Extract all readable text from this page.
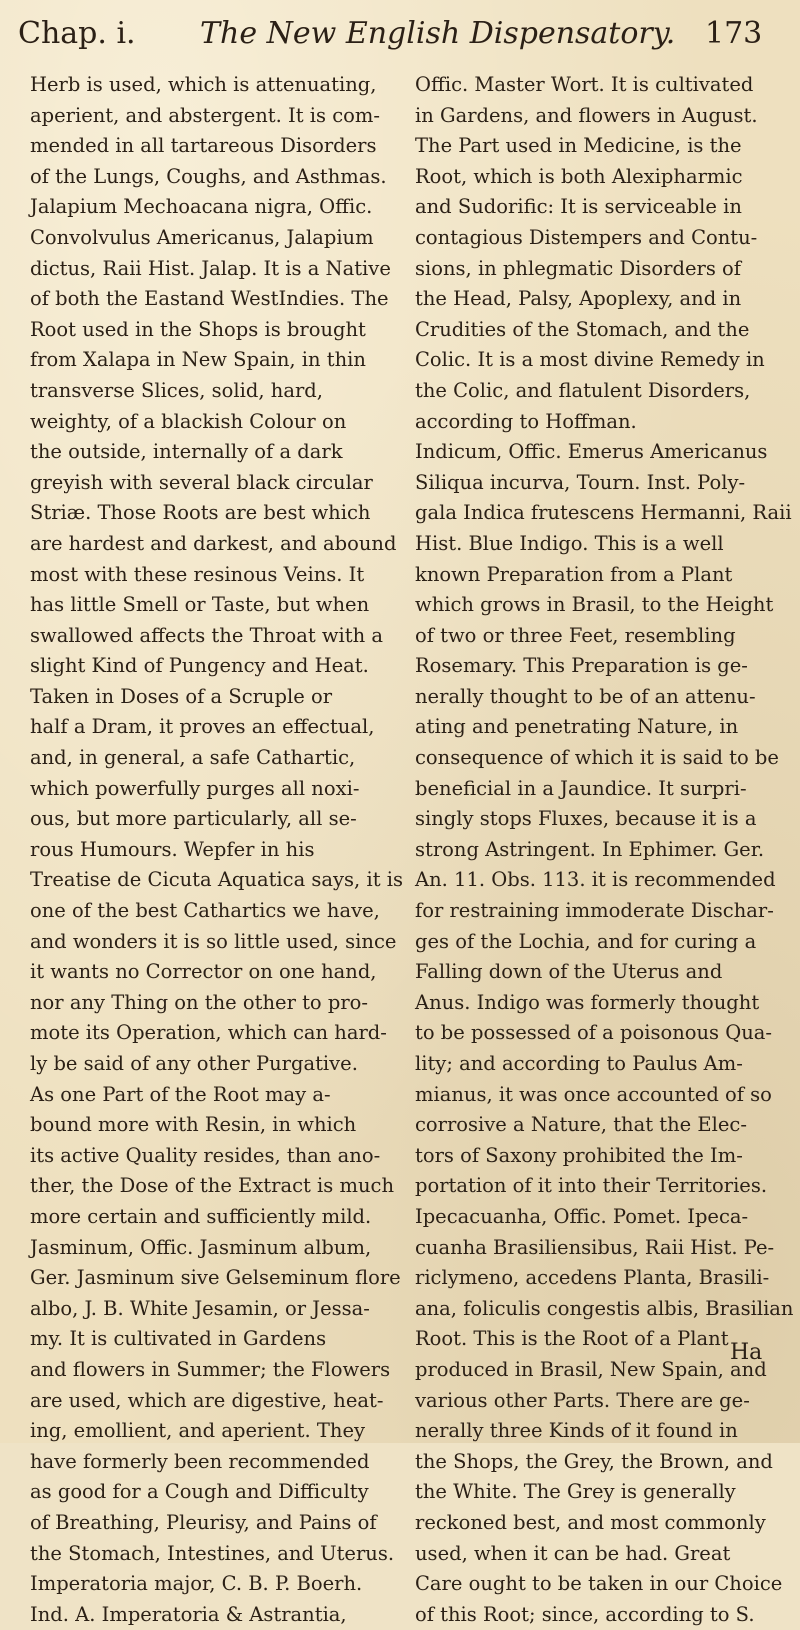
Chap. i. The New English Dispensatory. 173
Herb is used, which is attenuating,
aperient, and abstergent. It is com-
mended in all tartareous Disorders
of the Lungs, Coughs, and Asthmas.
Jalapium Mechoacana nigra, Offic.
Convolvulus Americanus, Jalapium
dictus, Raii Hist. Jalap. It is a Native
of both the Eastand WestIndies. The
Root used in the Shops is brought
from Xalapa in New Spain, in thin
transverse Slices, solid, hard,
weighty, of a blackish Colour on
the outside, internally of a dark
greyish with several black circular
Striæ. Those Roots are best which
are hardest and darkest, and abound
most with these resinous Veins. It
has little Smell or Taste, but when
swallowed affects the Throat with a
slight Kind of Pungency and Heat.
Taken in Doses of a Scruple or
half a Dram, it proves an effectual,
and, in general, a safe Cathartic,
which powerfully purges all noxi-
ous, but more particularly, all se-
rous Humours. Wepfer in his
Treatise de Cicuta Aquatica says, it is
one of the best Cathartics we have,
and wonders it is so little used, since
it wants no Corrector on one hand,
nor any Thing on the other to pro-
mote its Operation, which can hard-
ly be said of any other Purgative.
As one Part of the Root may a-
bound more with Resin, in which
its active Quality resides, than ano-
ther, the Dose of the Extract is much
more certain and sufficiently mild.
Jasminum, Offic. Jasminum album,
Ger. Jasminum sive Gelseminum flore
albo, J. B. White Jesamin, or Jessa-
my. It is cultivated in Gardens
and flowers in Summer; the Flowers
are used, which are digestive, heat-
ing, emollient, and aperient. They
have formerly been recommended
as good for a Cough and Difficulty
of Breathing, Pleurisy, and Pains of
the Stomach, Intestines, and Uterus.
Imperatoria major, C. B. P. Boerh.
Ind. A. Imperatoria & Astrantia,
Offic. Master Wort. It is cultivated
in Gardens, and flowers in August.
The Part used in Medicine, is the
Root, which is both Alexipharmic
and Sudorific: It is serviceable in
contagious Distempers and Contu-
sions, in phlegmatic Disorders of
the Head, Palsy, Apoplexy, and in
Crudities of the Stomach, and the
Colic. It is a most divine Remedy in
the Colic, and flatulent Disorders,
according to Hoffman.
Indicum, Offic. Emerus Americanus
Siliqua incurva, Tourn. Inst. Poly-
gala Indica frutescens Hermanni, Raii
Hist. Blue Indigo. This is a well
known Preparation from a Plant
which grows in Brasil, to the Height
of two or three Feet, resembling
Rosemary. This Preparation is ge-
nerally thought to be of an attenu-
ating and penetrating Nature, in
consequence of which it is said to be
beneficial in a Jaundice. It surpri-
singly stops Fluxes, because it is a
strong Astringent. In Ephimer. Ger.
An. 11. Obs. 113. it is recommended
for restraining immoderate Dischar-
ges of the Lochia, and for curing a
Falling down of the Uterus and
Anus. Indigo was formerly thought
to be possessed of a poisonous Qua-
lity; and according to Paulus Am-
mianus, it was once accounted of so
corrosive a Nature, that the Elec-
tors of Saxony prohibited the Im-
portation of it into their Territories.
Ipecacuanha, Offic. Pomet. Ipeca-
cuanha Brasiliensibus, Raii Hist. Pe-
riclymeno, accedens Planta, Brasili-
ana, foliculis congestis albis, Brasilian
Root. This is the Root of a Plant
produced in Brasil, New Spain, and
various other Parts. There are ge-
nerally three Kinds of it found in
the Shops, the Grey, the Brown, and
the White. The Grey is generally
reckoned best, and most commonly
used, when it can be had. Great
Care ought to be taken in our Choice
of this Root; since, according to S.
Ha
